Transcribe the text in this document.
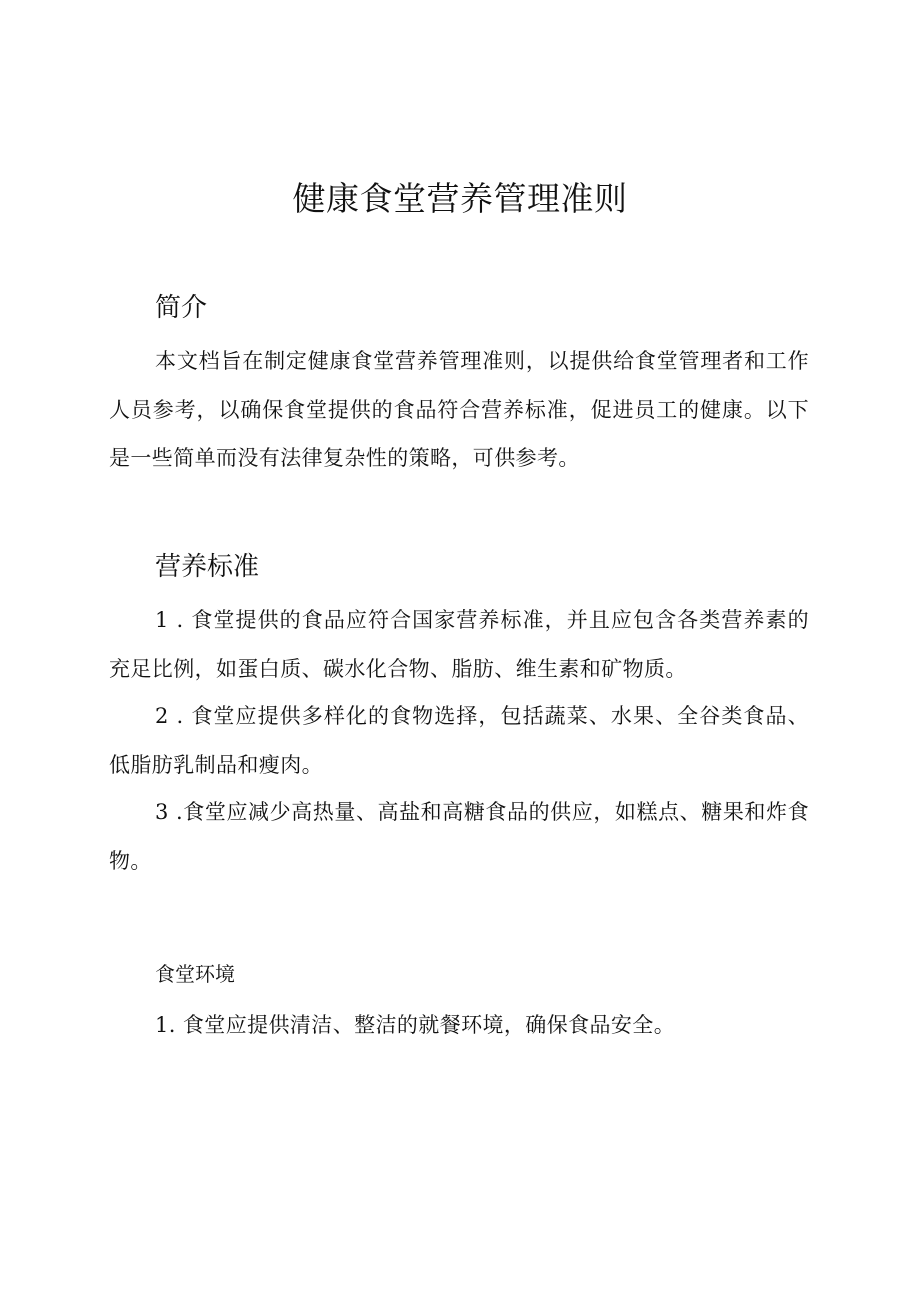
健康食堂营养管理准则
简介

本文档旨在制定健康食堂营养管理准则，以提供给食堂管理者和工作人员参考，以确保食堂提供的食品符合营养标准，促进员工的健康。以下是一些简单而没有法律复杂性的策略，可供参考。

营养标准

1 . 食堂提供的食品应符合国家营养标准，并且应包含各类营养素的充足比例，如蛋白质、碳水化合物、脂肪、维生素和矿物质。

2 . 食堂应提供多样化的食物选择，包括蔬菜、水果、全谷类食品、低脂肪乳制品和瘦肉。

3 .食堂应减少高热量、高盐和高糖食品的供应，如糕点、糖果和炸食物。

食堂环境

1. 食堂应提供清洁、整洁的就餐环境，确保食品安全。
